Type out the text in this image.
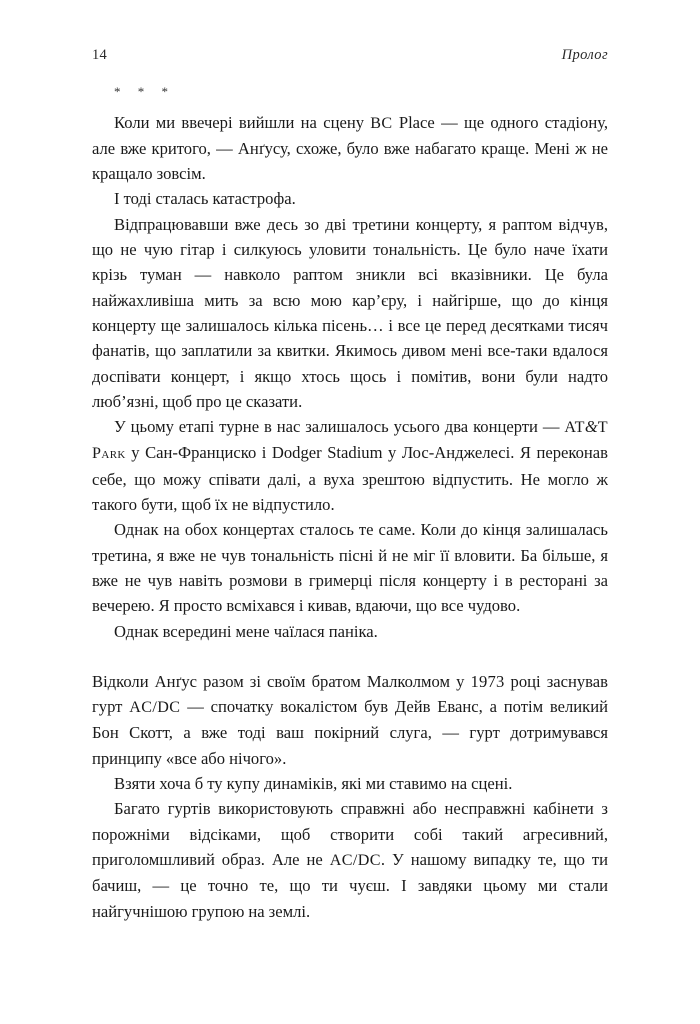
14	Пролог
* * *

Коли ми ввечері вийшли на сцену BC Place — ще одного стадіону, але вже критого, — Анґусу, схоже, було вже набагато краще. Мені ж не кращало зовсім.

І тоді сталась катастрофа.

Відпрацювавши вже десь зо дві третини концерту, я раптом відчув, що не чую гітар і силкуюсь уловити тональність. Це було наче їхати крізь туман — навколо раптом зникли всі вказівники. Це була найжахливіша мить за всю мою кар’єру, і найгірше, що до кінця концерту ще залишалось кілька пісень… і все це перед десятками тисяч фанатів, що заплатили за квитки. Якимось дивом мені все-таки вдалося доспівати концерт, і якщо хтось щось і помітив, вони були надто люб’язні, щоб про це сказати.

У цьому етапі турне в нас залишалось усього два концерти — AT&T Park у Сан-Франциско і Dodger Stadium у Лос-Анджелесі. Я переконав себе, що можу співати далі, а вуха зрештою відпустить. Не могло ж такого бути, щоб їх не відпустило.

Однак на обох концертах сталось те саме. Коли до кінця залишалась третина, я вже не чув тональність пісні й не міг її вловити. Ба більше, я вже не чув навіть розмови в гримерці після концерту і в ресторані за вечерею. Я просто всміхався і кивав, вдаючи, що все чудово.

Однак всередині мене чаїлася паніка.

Відколи Анґус разом зі своїм братом Малколмом у 1973 році заснував гурт AC/DC — спочатку вокалістом був Дейв Еванс, а потім великий Бон Скотт, а вже тоді ваш покірний слуга, — гурт дотримувався принципу «все або нічого».

Взяти хоча б ту купу динаміків, які ми ставимо на сцені.

Багато гуртів використовують справжні або несправжні кабінети з порожніми відсіками, щоб створити собі такий агресивний, приголомшливий образ. Але не AC/DC. У нашому випадку те, що ти бачиш, — це точно те, що ти чуєш. І завдяки цьому ми стали найгучнішою групою на землі.
